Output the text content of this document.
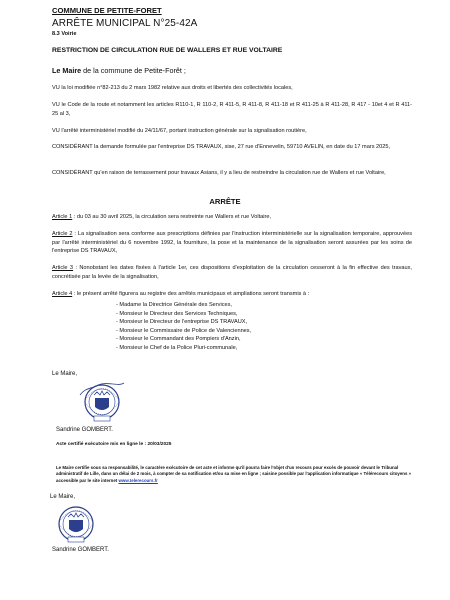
COMMUNE DE PETITE-FORET
ARRÊTE MUNICIPAL N°25-42A
8.3 Voirie
RESTRICTION DE CIRCULATION RUE DE WALLERS ET RUE VOLTAIRE
Le Maire de la commune de Petite-Forêt ;
VU la loi modifiée n°82-213 du 2 mars 1982 relative aux droits et libertés des collectivités locales,
VU le Code de la route et notamment les articles R110-1, R 110-2, R 411-5, R 411-8, R 411-18 et R 411-25 à R 411-28, R 417 - 10et 4 et R 411- 25 al 3,
VU l'arrêté interministériel modifié du 24/11/67, portant instruction générale sur la signalisation routière,
CONSIDÉRANT la demande formulée par l'entreprise DS TRAVAUX, sise, 27 rue d'Ennevelin, 59710 AVELIN, en date du 17 mars 2025,
CONSIDÉRANT qu'en raison de terrassement pour travaux Asians, il y a lieu de restreindre la circulation rue de Wallers et rue Voltaire,
ARRÊTE
Article 1 : du 03 au 30 avril 2025, la circulation sera restreinte rue Wallers et rue Voltaire,
Article 2 : La signalisation sera conforme aux prescriptions définies par l'instruction interministérielle sur la signalisation temporaire, approuvées par l'arrêté interministériel du 6 novembre 1992, la fourniture, la pose et la maintenance de la signalisation seront assurées par les soins de l'entreprise DS TRAVAUX,
Article 3 : Nonobstant les dates fixées à l'article 1er, ces dispositions d'exploitation de la circulation cesseront à la fin effective des travaux, concrétisée par la levée de la signalisation,
Article 4 : le présent arrêté figurera au registre des arrêtés municipaux et ampliations seront transmis à :
- Madame la Directrice Générale des Services,
- Monsieur le Directeur des Services Techniques,
- Monsieur le Directeur de l'entreprise DS TRAVAUX,
- Monsieur le Commissaire de Police de Valenciennes,
- Monsieur le Commandant des Pompiers d'Anzin,
- Monsieur le Chef de la Police Pluri-communale,
Le Maire,
Sandrine GOMBERT.
Acte certifié exécutoire mis en ligne le : 20/03/2025
Le Maire certifie sous sa responsabilité, le caractère exécutoire de cet acte et informe qu'il pourra faire l'objet d'un recours pour excès de pouvoir devant le Tribunal administratif de Lille, dans un délai de 2 mois, à compter de sa notification et/ou sa mise en ligne ; saisine possible par l'application informatique « Télérecours citoyens » accessible par le site internet www.telerecours.fr
Le Maire,
Sandrine GOMBERT.
